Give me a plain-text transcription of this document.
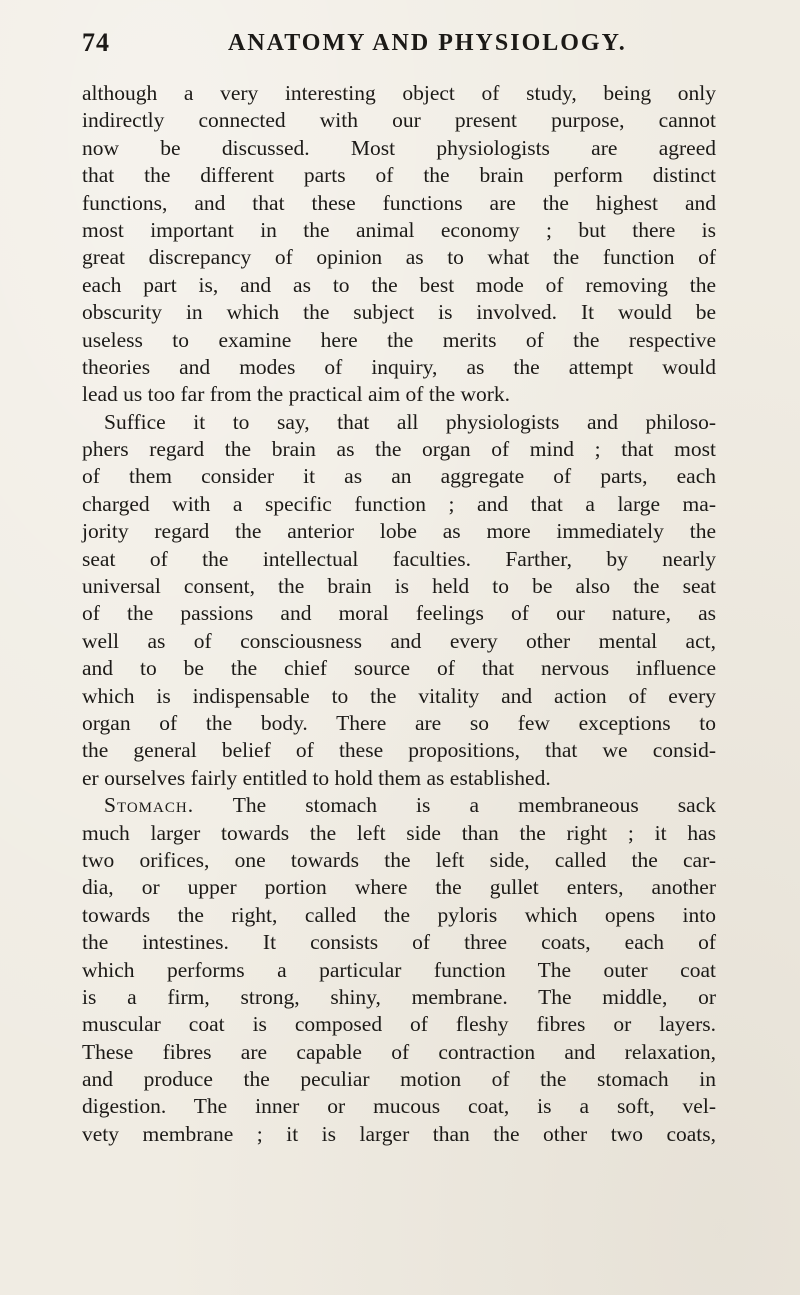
74	ANATOMY AND PHYSIOLOGY.
although a very interesting object of study, being only
indirectly connected with our present purpose, cannot
now be discussed. Most physiologists are agreed
that the different parts of the brain perform distinct
functions, and that these functions are the highest and
most important in the animal economy ; but there is
great discrepancy of opinion as to what the function of
each part is, and as to the best mode of removing the
obscurity in which the subject is involved. It would be
useless to examine here the merits of the respective
theories and modes of inquiry, as the attempt would
lead us too far from the practical aim of the work.
Suffice it to say, that all physiologists and philoso-
phers regard the brain as the organ of mind ; that most
of them consider it as an aggregate of parts, each
charged with a specific function ; and that a large ma-
jority regard the anterior lobe as more immediately the
seat of the intellectual faculties. Farther, by nearly
universal consent, the brain is held to be also the seat
of the passions and moral feelings of our nature, as
well as of consciousness and every other mental act,
and to be the chief source of that nervous influence
which is indispensable to the vitality and action of every
organ of the body. There are so few exceptions to
the general belief of these propositions, that we consid-
er ourselves fairly entitled to hold them as established.
Stomach. The stomach is a membraneous sack
much larger towards the left side than the right ; it has
two orifices, one towards the left side, called the car-
dia, or upper portion where the gullet enters, another
towards the right, called the pyloris which opens into
the intestines. It consists of three coats, each of
which performs a particular function The outer coat
is a firm, strong, shiny, membrane. The middle, or
muscular coat is composed of fleshy fibres or layers.
These fibres are capable of contraction and relaxation,
and produce the peculiar motion of the stomach in
digestion. The inner or mucous coat, is a soft, vel-
vety membrane ; it is larger than the other two coats,
